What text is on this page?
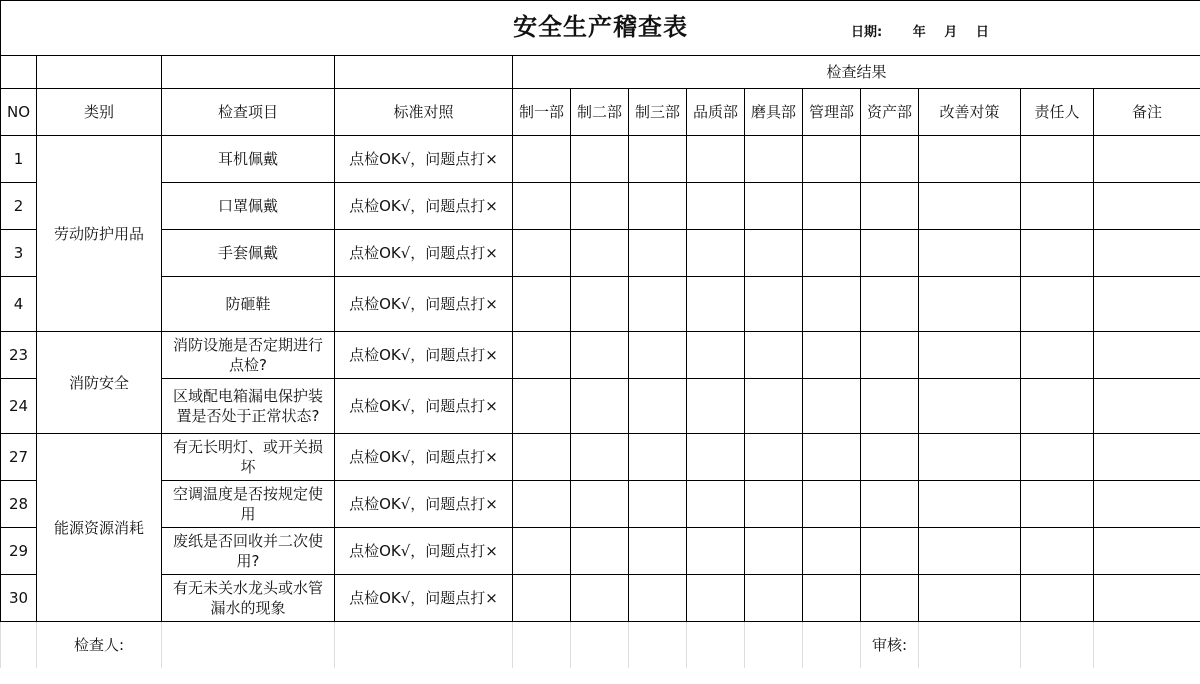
安全生产稽查表 日期: 年 月 日													

				检查结果									
NO	类别	检查项目	标准对照	制一部	制二部	制三部	品质部	磨具部	管理部	资产部	改善对策	责任人	备注
1	劳动防护用品	耳机佩戴	点检OK√，问题点打×										
2		口罩佩戴	点检OK√，问题点打×										
3		手套佩戴	点检OK√，问题点打×										
4		防砸鞋	点检OK√，问题点打×										
23	消防安全	消防设施是否定期进行点检?	点检OK√，问题点打×										
24		区域配电箱漏电保护装置是否处于正常状态?	点检OK√，问题点打×										
27	能源资源消耗	有无长明灯、或开关损坏	点检OK√，问题点打×										
28		空调温度是否按规定使用	点检OK√，问题点打×										
29		废纸是否回收并二次使用?	点检OK√，问题点打×										
30		有无未关水龙头或水管漏水的现象	点检OK√，问题点打×										
	检查人:									审核:			
